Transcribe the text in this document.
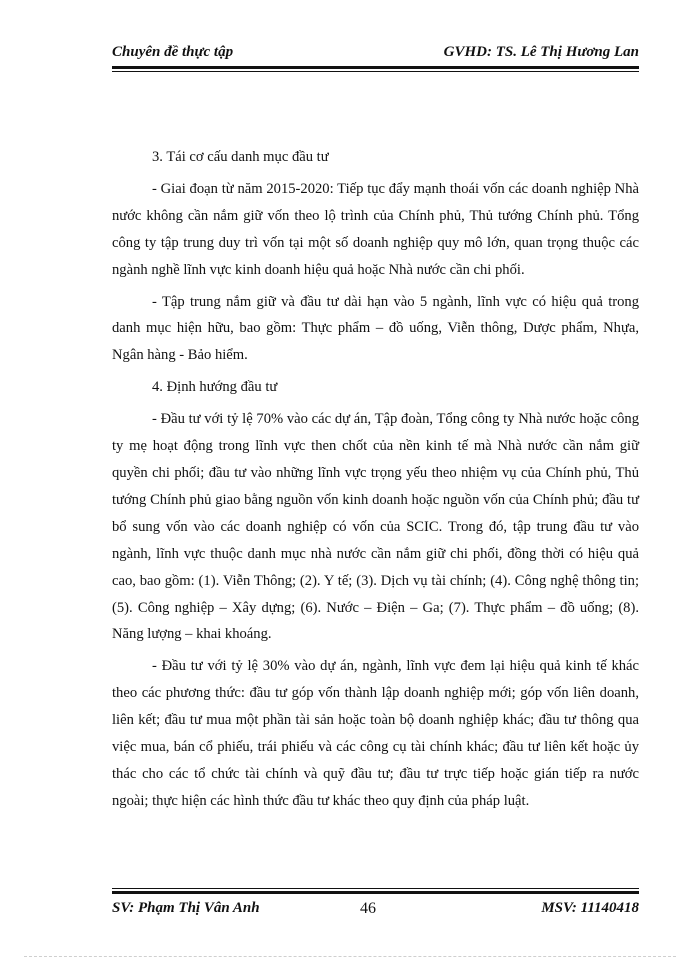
Chuyên đề thực tập	GVHD: TS. Lê Thị Hương Lan

3. Tái cơ cấu danh mục đầu tư

- Giai đoạn từ năm 2015-2020: Tiếp tục đẩy mạnh thoái vốn các doanh nghiệp Nhà nước không cần nắm giữ vốn theo lộ trình của Chính phủ, Thủ tướng Chính phủ. Tổng công ty tập trung duy trì vốn tại một số doanh nghiệp quy mô lớn, quan trọng thuộc các ngành nghề lĩnh vực kinh doanh hiệu quả hoặc Nhà nước cần chi phối.

- Tập trung nắm giữ và đầu tư dài hạn vào 5 ngành, lĩnh vực có hiệu quả trong danh mục hiện hữu, bao gồm: Thực phẩm – đồ uống, Viễn thông, Dược phẩm, Nhựa, Ngân hàng - Bảo hiểm.

4. Định hướng đầu tư

- Đầu tư với tỷ lệ 70% vào các dự án, Tập đoàn, Tổng công ty Nhà nước hoặc công ty mẹ hoạt động trong lĩnh vực then chốt của nền kinh tế mà Nhà nước cần nắm giữ quyền chi phối; đầu tư vào những lĩnh vực trọng yếu theo nhiệm vụ của Chính phủ, Thủ tướng Chính phủ giao bằng nguồn vốn kinh doanh hoặc nguồn vốn của Chính phủ; đầu tư bổ sung vốn vào các doanh nghiệp có vốn của SCIC. Trong đó, tập trung đầu tư vào ngành, lĩnh vực thuộc danh mục nhà nước cần nắm giữ chi phối, đồng thời có hiệu quả cao, bao gồm: (1). Viễn Thông; (2). Y tế; (3). Dịch vụ tài chính; (4). Công nghệ thông tin; (5). Công nghiệp – Xây dựng; (6). Nước – Điện – Ga; (7). Thực phẩm – đồ uống; (8). Năng lượng – khai khoáng.

- Đầu tư với tỷ lệ 30% vào dự án, ngành, lĩnh vực đem lại hiệu quả kinh tế khác theo các phương thức: đầu tư góp vốn thành lập doanh nghiệp mới; góp vốn liên doanh, liên kết; đầu tư mua một phần tài sản hoặc toàn bộ doanh nghiệp khác; đầu tư thông qua việc mua, bán cổ phiếu, trái phiếu và các công cụ tài chính khác; đầu tư liên kết hoặc ủy thác cho các tổ chức tài chính và quỹ đầu tư; đầu tư trực tiếp hoặc gián tiếp ra nước ngoài; thực hiện các hình thức đầu tư khác theo quy định của pháp luật.

SV: Phạm Thị Vân Anh	46	MSV: 11140418
